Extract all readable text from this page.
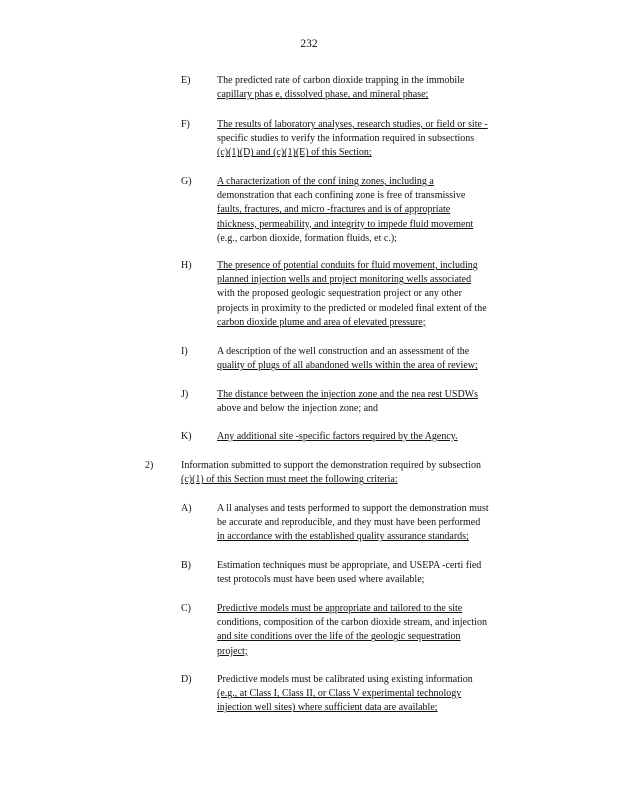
232
E)	The predicted rate of carbon dioxide trapping in the immobile
capillary phas e, dissolved phase, and mineral phase;
F)	The results of laboratory analyses, research studies, or field or site -
specific studies to verify the information required in subsections
(c)(1)(D) and (c)(1)(E) of this Section;
G)	A characterization of the conf ining zones, including a
demonstration that each confining zone is free of transmissive
faults, fractures, and micro -fractures and is of appropriate
thickness, permeability, and integrity to impede fluid movement
(e.g., carbon dioxide, formation fluids, et c.);
H)	The presence of potential conduits for fluid movement, including
planned injection wells and project monitoring wells associated
with the proposed geologic sequestration project or any other
projects in proximity to the predicted or modeled final extent of the
carbon dioxide plume and area of elevated pressure;
I)	A description of the well construction and an assessment of the
quality of plugs of all abandoned wells within the area of review;
J)	The distance between the injection zone and the nea rest USDWs
above and below the injection zone; and
K)	Any additional site -specific factors required by the Agency.
2)	Information submitted to support the demonstration required by subsection
(c)(1) of this Section must meet the following criteria:
A)	A ll analyses and tests performed to support the demonstration must
be accurate and reproducible, and they must have been performed
in accordance with the established quality assurance standards;
B)	Estimation techniques must be appropriate, and USEPA -certi fied
test protocols must have been used where available;
C)	Predictive models must be appropriate and tailored to the site
conditions, composition of the carbon dioxide stream, and injection
and site conditions over the life of the geologic sequestration
project;
D)	Predictive models must be calibrated using existing information
(e.g., at Class I, Class II, or Class V experimental technology
injection well sites) where sufficient data are available;
